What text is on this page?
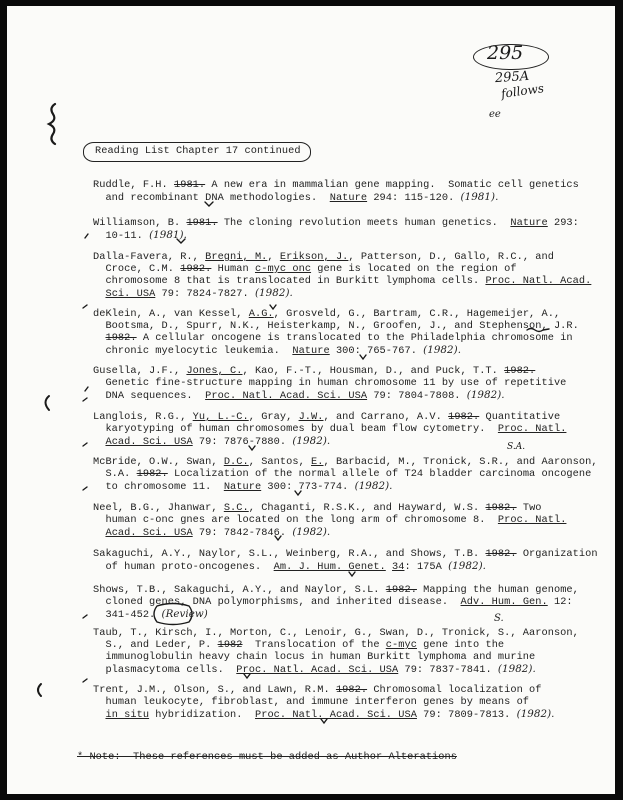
295
295A
follows
ee
Reading List Chapter 17 continued
Ruddle, F.H. 1981. A new era in mammalian gene mapping.  Somatic cell genetics
and recombinant DNA methodologies.  Nature 294: 115-120. (1981).
Williamson, B. 1981. The cloning revolution meets human genetics.  Nature 293:
10-11. (1981).
Dalla-Favera, R., Bregni, M., Erikson, J., Patterson, D., Gallo, R.C., and
Croce, C.M. 1982. Human c-myc onc gene is located on the region of
chromosome 8 that is translocated in Burkitt lymphoma cells. Proc. Natl. Acad.
Sci. USA 79: 7824-7827. (1982).
deKlein, A., van Kessel, A.G., Grosveld, G., Bartram, C.R., Hagemeijer, A.,
Bootsma, D., Spurr, N.K., Heisterkamp, N., Groofen, J., and Stephenson, J.R.
1982. A cellular oncogene is translocated to the Philadelphia chromosome in
chronic myelocytic leukemia.  Nature 300: 765-767. (1982).
Gusella, J.F., Jones, C., Kao, F.-T., Housman, D., and Puck, T.T. 1982.
Genetic fine-structure mapping in human chromosome 11 by use of repetitive
DNA sequences.  Proc. Natl. Acad. Sci. USA 79: 7804-7808. (1982).
Langlois, R.G., Yu, L.-C., Gray, J.W., and Carrano, A.V. 1982. Quantitative
karyotyping of human chromosomes by dual beam flow cytometry.  Proc. Natl.
Acad. Sci. USA 79: 7876-7880. (1982).
McBride, O.W., Swan, D.C., Santos, E., Barbacid, M., Tronick, S.R., and Aaronson,
S.A. 1982. Localization of the normal allele of T24 bladder carcinoma oncogene
to chromosome 11.  Nature 300: 773-774. (1982).
Neel, B.G., Jhanwar, S.C., Chaganti, R.S.K., and Hayward, W.S. 1982. Two
human c-onc gnes are located on the long arm of chromosome 8.  Proc. Natl.
Acad. Sci. USA 79: 7842-7846. (1982).
Sakaguchi, A.Y., Naylor, S.L., Weinberg, R.A., and Shows, T.B. 1982. Organization
of human proto-oncogenes.  Am. J. Hum. Genet. 34: 175A (1982).
Shows, T.B., Sakaguchi, A.Y., and Naylor, S.L. 1982. Mapping the human genome,
cloned genes, DNA polymorphisms, and inherited disease.  Adv. Hum. Gen. 12:
341-452. (Review)
Taub, T., Kirsch, I., Morton, C., Lenoir, G., Swan, D., Tronick, S., Aaronson,
S., and Leder, P. 1982  Translocation of the c-myc gene into the
immunoglobulin heavy chain locus in human Burkitt lymphoma and murine
plasmacytoma cells.  Proc. Natl. Acad. Sci. USA 79: 7837-7841. (1982).
Trent, J.M., Olson, S., and Lawn, R.M. 1982. Chromosomal localization of
human leukocyte, fibroblast, and immune interferon genes by means of
in situ hybridization.  Proc. Natl. Acad. Sci. USA 79: 7809-7813. (1982).
* Note:  These references must be added as Author Alterations
S.A.
S.
